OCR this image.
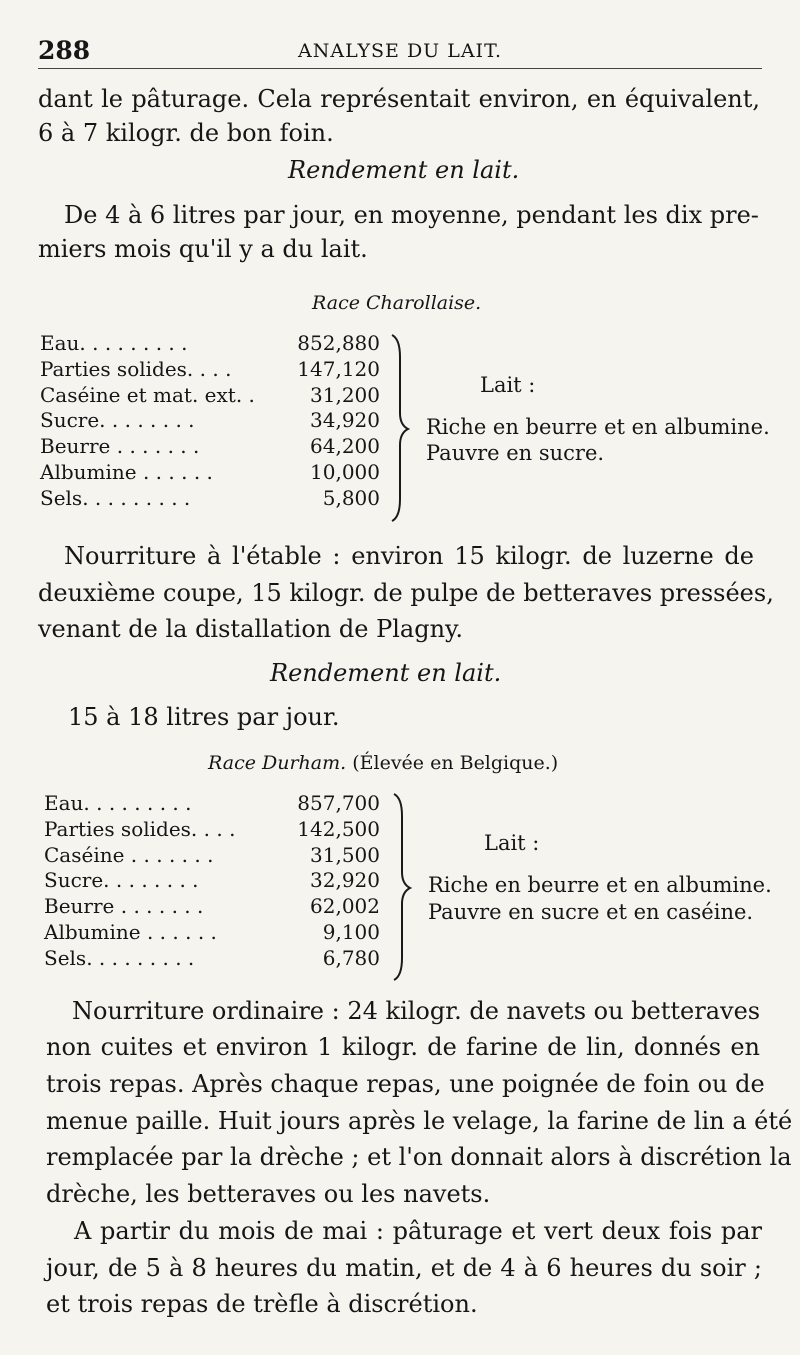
288	ANALYSE DU LAIT.
dant le pâturage. Cela représentait environ, en équivalent,
6 à 7 kilogr. de bon foin.
Rendement en lait.
De 4 à 6 litres par jour, en moyenne, pendant les dix pre-
miers mois qu'il y a du lait.
Race Charollaise.
Eau. . . . . . . . .	852,880
Parties solides. . . .	147,120
Caséine et mat. ext. .	31,200
Sucre. . . . . . . .	34,920
Beurre . . . . . . .	64,200
Albumine . . . . . .	10,000
Sels. . . . . . . . .	5,800
Lait :
Riche en beurre et en albumine.
Pauvre en sucre.
Nourriture à l'étable : environ 15 kilogr. de luzerne de
deuxième coupe, 15 kilogr. de pulpe de betteraves pressées,
venant de la distallation de Plagny.
Rendement en lait.
15 à 18 litres par jour.
Race Durham. (Élevée en Belgique.)
Eau. . . . . . . . .	857,700
Parties solides. . . .	142,500
Caséine . . . . . . .	31,500
Sucre. . . . . . . .	32,920
Beurre . . . . . . .	62,002
Albumine . . . . . .	9,100
Sels. . . . . . . . .	6,780
Lait :
Riche en beurre et en albumine.
Pauvre en sucre et en caséine.
Nourriture ordinaire : 24 kilogr. de navets ou betteraves
non cuites et environ 1 kilogr. de farine de lin, donnés en
trois repas. Après chaque repas, une poignée de foin ou de
menue paille. Huit jours après le velage, la farine de lin a été
remplacée par la drèche ; et l'on donnait alors à discrétion la
drèche, les betteraves ou les navets.
A partir du mois de mai : pâturage et vert deux fois par
jour, de 5 à 8 heures du matin, et de 4 à 6 heures du soir ;
et trois repas de trèfle à discrétion.
